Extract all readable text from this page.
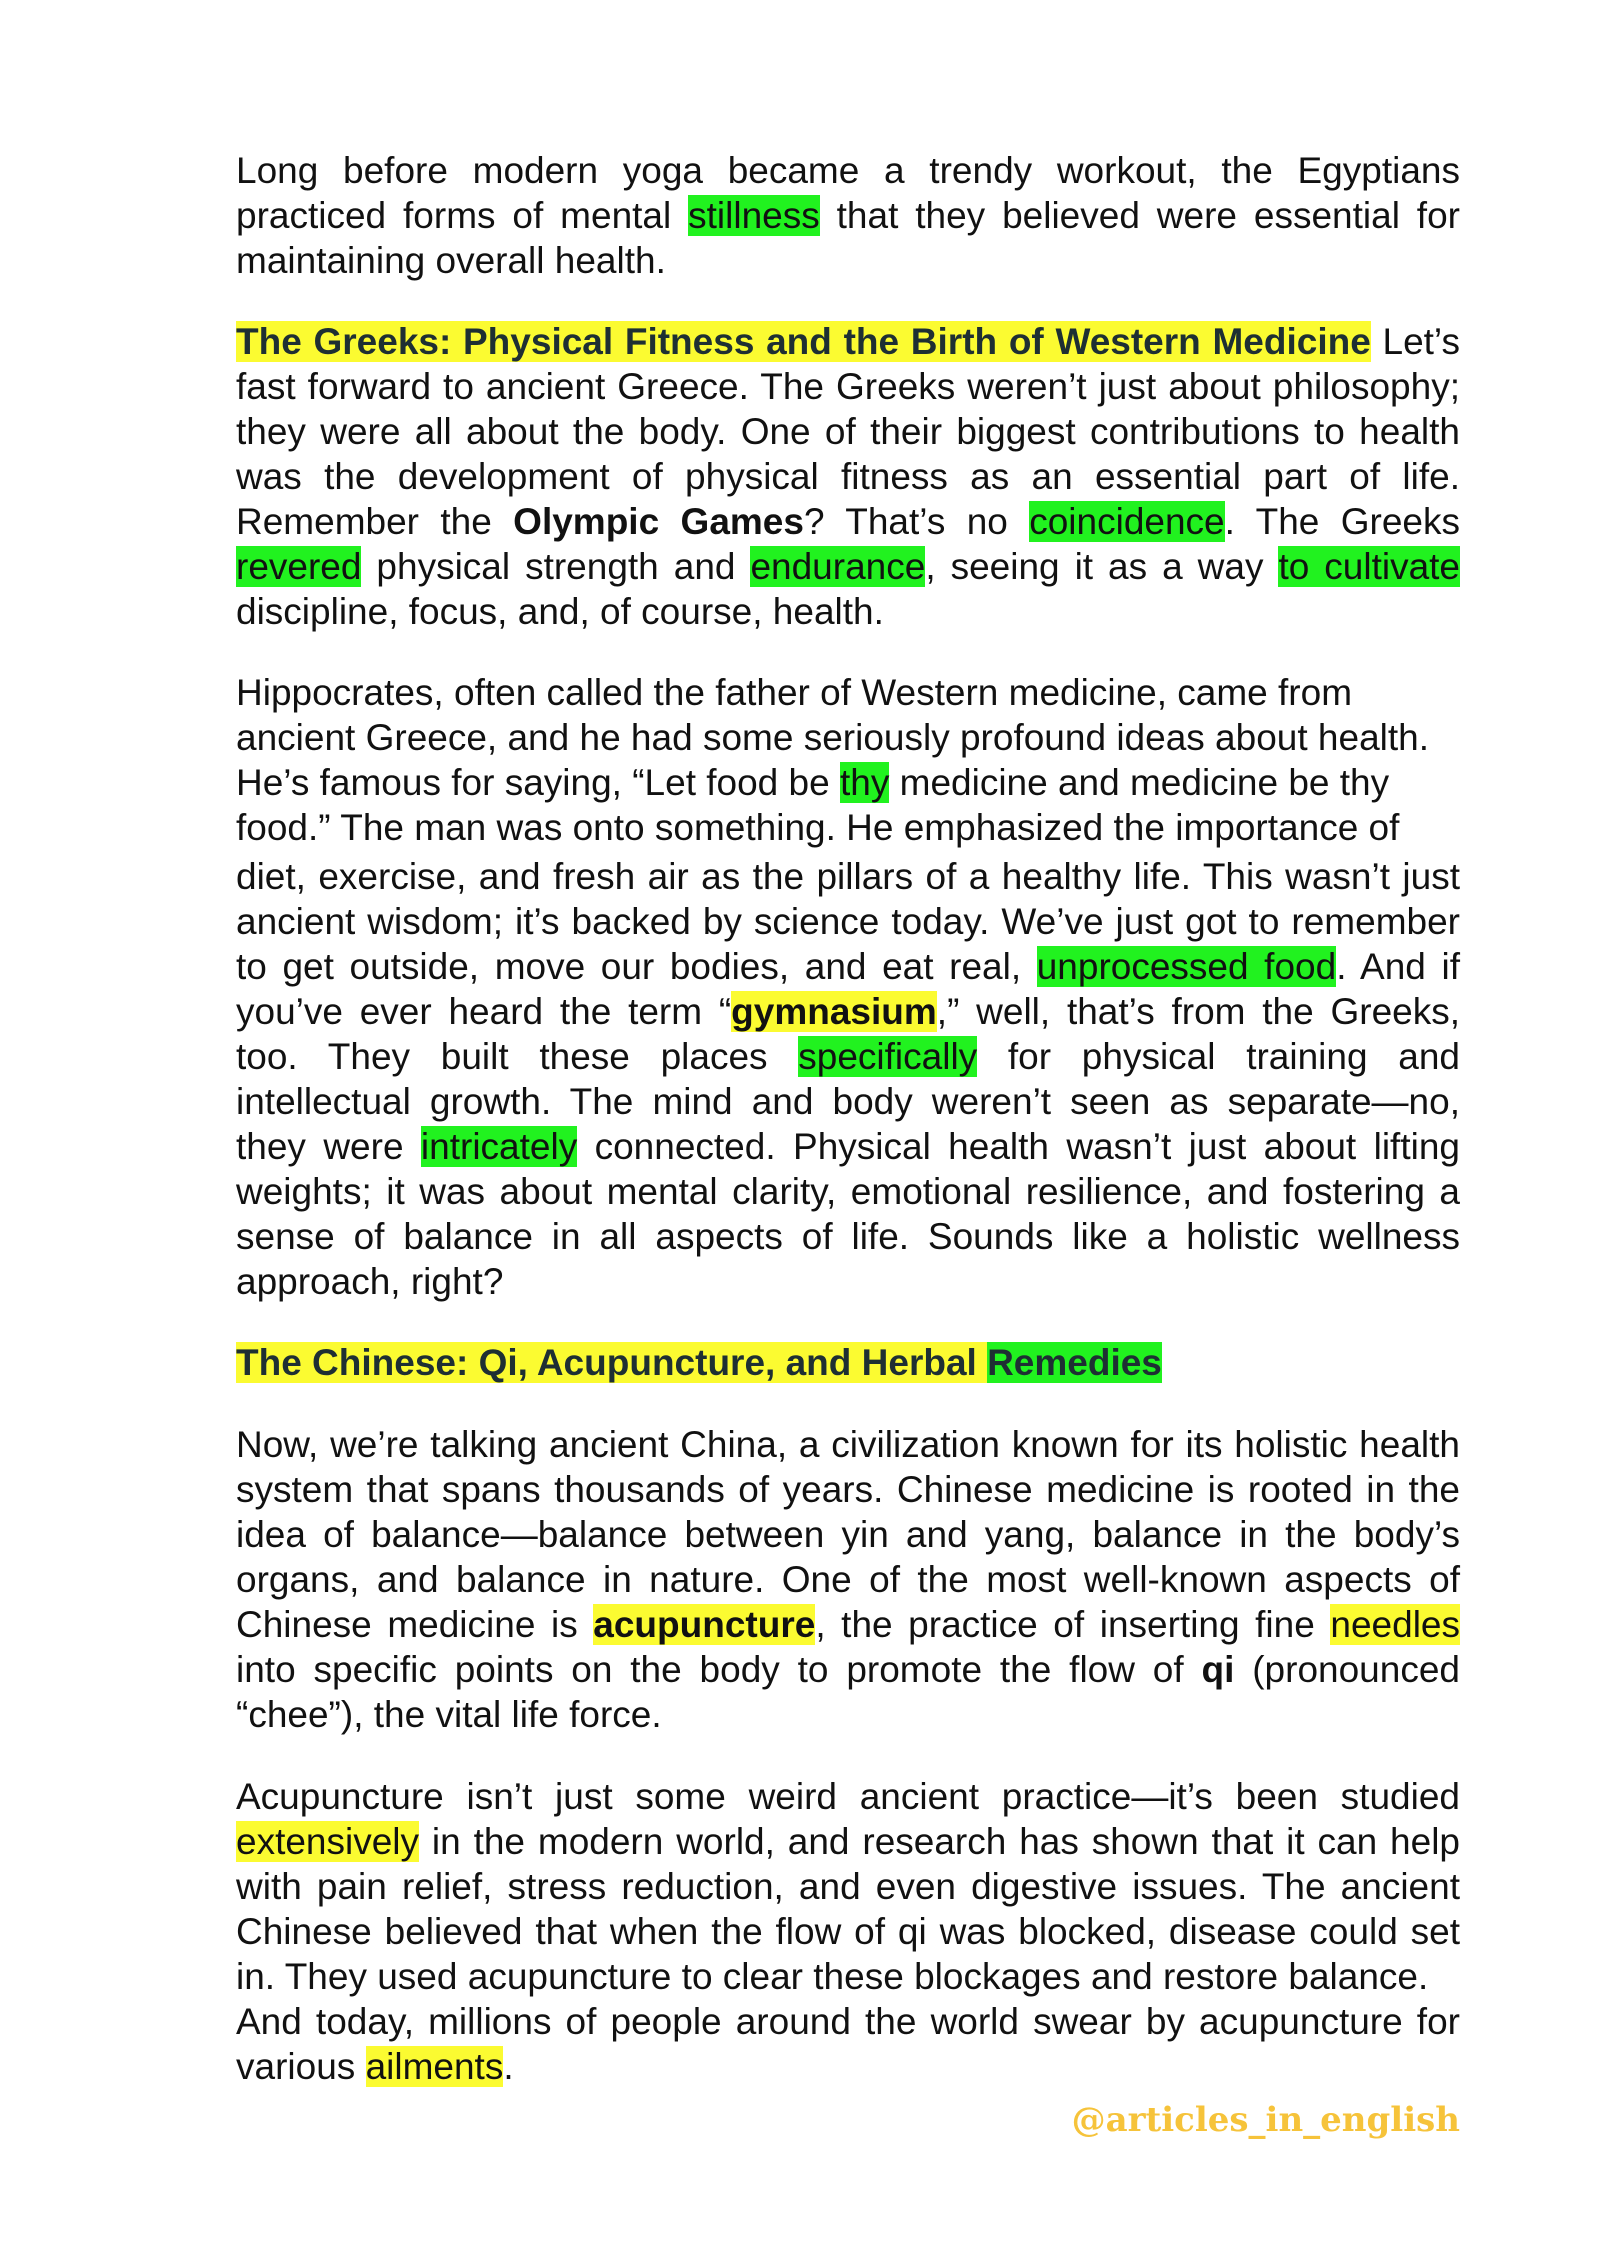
Long before modern yoga became a trendy workout, the Egyptians practiced forms of mental stillness that they believed were essential for maintaining overall health.

The Greeks: Physical Fitness and the Birth of Western Medicine Let’s fast forward to ancient Greece. The Greeks weren’t just about philosophy; they were all about the body. One of their biggest contributions to health was the development of physical fitness as an essential part of life. Remember the Olympic Games? That’s no coincidence. The Greeks revered physical strength and endurance, seeing it as a way to cultivate discipline, focus, and, of course, health.

Hippocrates, often called the father of Western medicine, came from ancient Greece, and he had some seriously profound ideas about health.

He’s famous for saying, “Let food be thy medicine and medicine be thy food.” The man was onto something. He emphasized the importance of

diet, exercise, and fresh air as the pillars of a healthy life. This wasn’t just ancient wisdom; it’s backed by science today. We’ve just got to remember to get outside, move our bodies, and eat real, unprocessed food. And if you’ve ever heard the term “gymnasium,” well, that’s from the Greeks, too. They built these places specifically for physical training and intellectual growth. The mind and body weren’t seen as separate—no, they were intricately connected. Physical health wasn’t just about lifting weights; it was about mental clarity, emotional resilience, and fostering a sense of balance in all aspects of life. Sounds like a holistic wellness approach, right?

The Chinese: Qi, Acupuncture, and Herbal Remedies

Now, we’re talking ancient China, a civilization known for its holistic health system that spans thousands of years. Chinese medicine is rooted in the idea of balance—balance between yin and yang, balance in the body’s organs, and balance in nature. One of the most well-known aspects of Chinese medicine is acupuncture, the practice of inserting fine needles into specific points on the body to promote the flow of qi (pronounced “chee”), the vital life force.

Acupuncture isn’t just some weird ancient practice—it’s been studied extensively in the modern world, and research has shown that it can help with pain relief, stress reduction, and even digestive issues. The ancient Chinese believed that when the flow of qi was blocked, disease could set in. They used acupuncture to clear these blockages and restore balance.

And today, millions of people around the world swear by acupuncture for various ailments.

@articles_in_english
